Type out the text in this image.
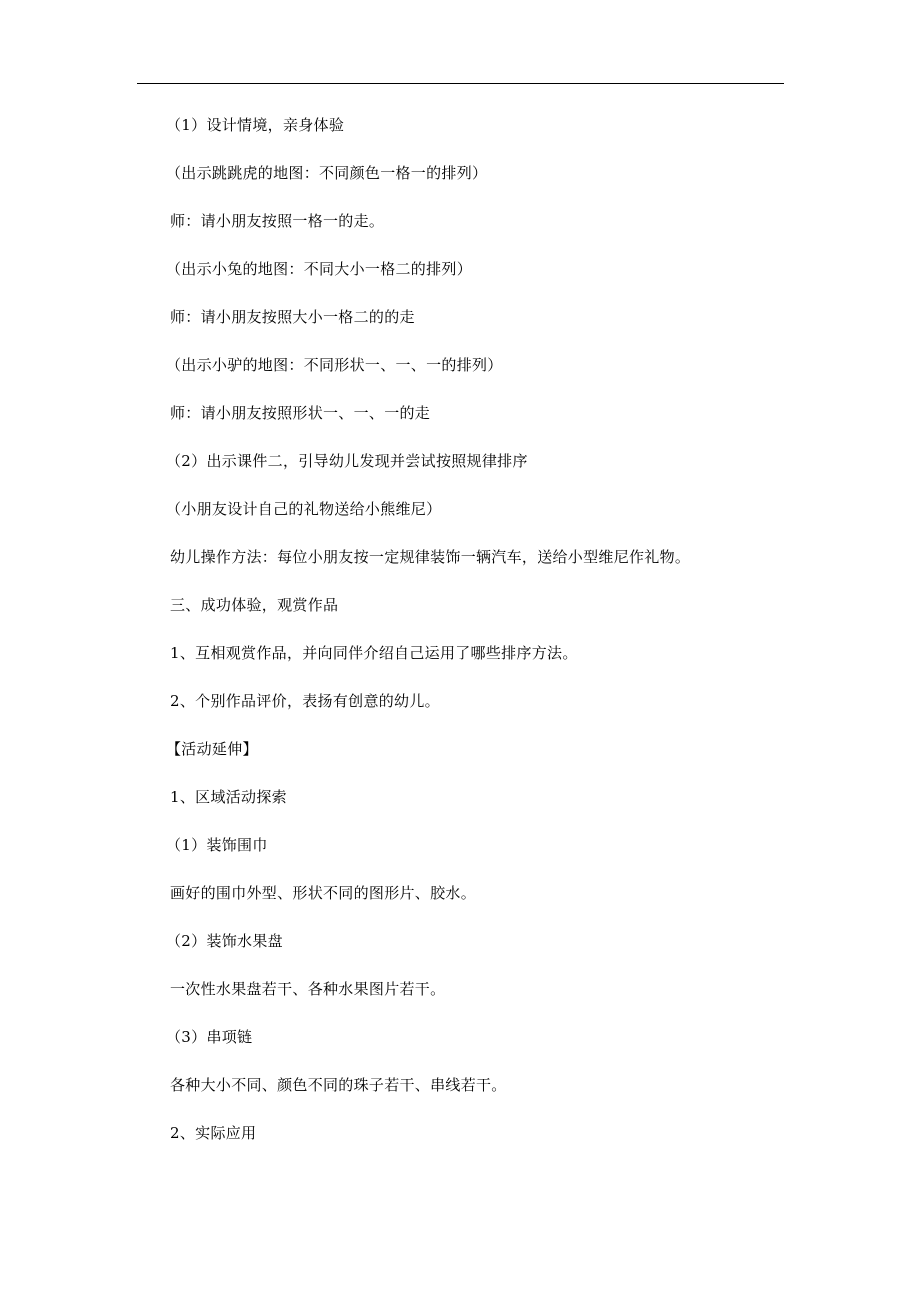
（1）设计情境，亲身体验
（出示跳跳虎的地图：不同颜色一格一的排列）
师：请小朋友按照一格一的走。
（出示小兔的地图：不同大小一格二的排列）
师：请小朋友按照大小一格二的的走
（出示小驴的地图：不同形状一、一、一的排列）
师：请小朋友按照形状一、一、一的走
（2）出示课件二，引导幼儿发现并尝试按照规律排序
（小朋友设计自己的礼物送给小熊维尼）
幼儿操作方法：每位小朋友按一定规律装饰一辆汽车，送给小型维尼作礼物。
三、成功体验，观赏作品
1、互相观赏作品，并向同伴介绍自己运用了哪些排序方法。
2、个别作品评价，表扬有创意的幼儿。
【活动延伸】
1、区域活动探索
（1）装饰围巾
画好的围巾外型、形状不同的图形片、胶水。
（2）装饰水果盘
一次性水果盘若干、各种水果图片若干。
（3）串项链
各种大小不同、颜色不同的珠子若干、串线若干。
2、实际应用
